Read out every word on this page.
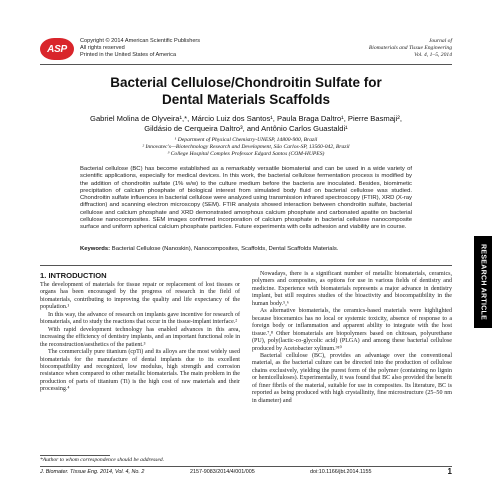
ASP
Copyright © 2014 American Scientific Publishers
All rights reserved
Printed in the United States of America
Journal of
Biomaterials and Tissue Engineering
Vol. 4, 1–5, 2014
Bacterial Cellulose/Chondroitin Sulfate for
Dental Materials Scaffolds
Gabriel Molina de Olyveira¹,*, Márcio Luiz dos Santos¹, Paula Braga Daltro¹, Pierre Basmaji²,
Gildásio de Cerqueira Daltro³, and Antônio Carlos Guastaldi¹
¹ Department of Physical Chemistry-UNESP, 14800-900, Brazil
² Innovatec's—Biotechnology Research and Development, São Carlos-SP, 13560-042, Brazil
³ College Hospital Complex Professor Edgard Santos (COM-HUPES)
Bacterial cellulose (BC) has become established as a remarkably versatile biomaterial and can be used in a wide variety of scientific applications, especially for medical devices. In this work, the bacterial cellulose fermentation process is modified by the addition of chondroitin sulfate (1% w/w) to the culture medium before the bacteria are inoculated. Besides, biomimetic precipitation of calcium phosphate of biological interest from simulated body fluid on bacterial cellulose was studied. Chondroitin sulfate influences in bacterial cellulose were analyzed using transmission infrared spectroscopy (FTIR), XRD (X-ray diffraction) and scanning electron microscopy (SEM). FTIR analysis showed interaction between chondroitin sulfate, bacterial cellulose and calcium phosphate and XRD demonstrated amorphous calcium phosphate and carbonated apatite on bacterial cellulose nanocomposites. SEM images confirmed incorporation of calcium phosphate in bacterial cellulose nanocomposite surface and uniform spherical calcium phosphate particles. Future experiments with cells adhesion and viability are in course.
Keywords: Bacterial Cellulose (Nanoskin), Nanocomposites, Scaffolds, Dental Scaffolds Materials.	RESEARCH ARTICLE
1. INTRODUCTION

The development of materials for tissue repair or replacement of lost tissues or organs has been encouraged by the progress of research in the field of biomaterials, contributing to improving the quality and life expectancy of the population.¹

In this way, the advance of research on implants gave incentive for research of biomaterials, and to study the reactions that occur in the tissue-implant interface.²

With rapid development technology has enabled advances in this area, increasing the efficiency of dentistry implants, and an important functional role in the reconstruction/aesthetics of the patient.³

The commercially pure titanium (cpTi) and its alloys are the most widely used biomaterials for the manufacture of dental implants due to its excellent biocompatibility and recognized, low modulus, high strength and corrosion resistance when compared to other metallic biomaterials. The main problem in the production of parts of titanium (Ti) is the high cost of raw materials and their processing.⁴

Nowadays, there is a significant number of metallic biomaterials, ceramics, polymers and composites, as options for use in various fields of dentistry and medicine. Experience with biomaterials represents a major advance in dentistry implant, but still requires studies of the bioactivity and biocompatibility in the human body.⁵,⁶

As alternative biomaterials, the ceramics-based materials were highlighted because bioceramics has no local or systemic toxicity, absence of response to a foreign body or inflammation and apparent ability to integrate with the host tissue.⁷,⁸ Other biomaterials are biopolymers based on chitosan, polyurethane (PU), poly(lactic-co-glycolic acid) (PLGA) and among these bacterial cellulose produced by Acetobacter xylinum.⁹¹⁰

Bacterial cellulose (BC), provides an advantage over the conventional material, as the bacterial culture can be directed into the production of cellulose chains exclusively, yielding the purest form of the polymer (containing no lignin or hemicelluloses). Experimentally, it was found that BC also provided the benefit of finer fibrils of the material, suitable for use in composites. Its literature, BC is reported as being produced with high crystallinity, fine microstructure (25–50 nm in diameter) and

*Author to whom correspondence should be addressed.
J. Biomater. Tissue Eng. 2014, Vol. 4, No. 2	2157-9083/2014/4/001/005	doi:10.1166/jbt.2014.1155	1
